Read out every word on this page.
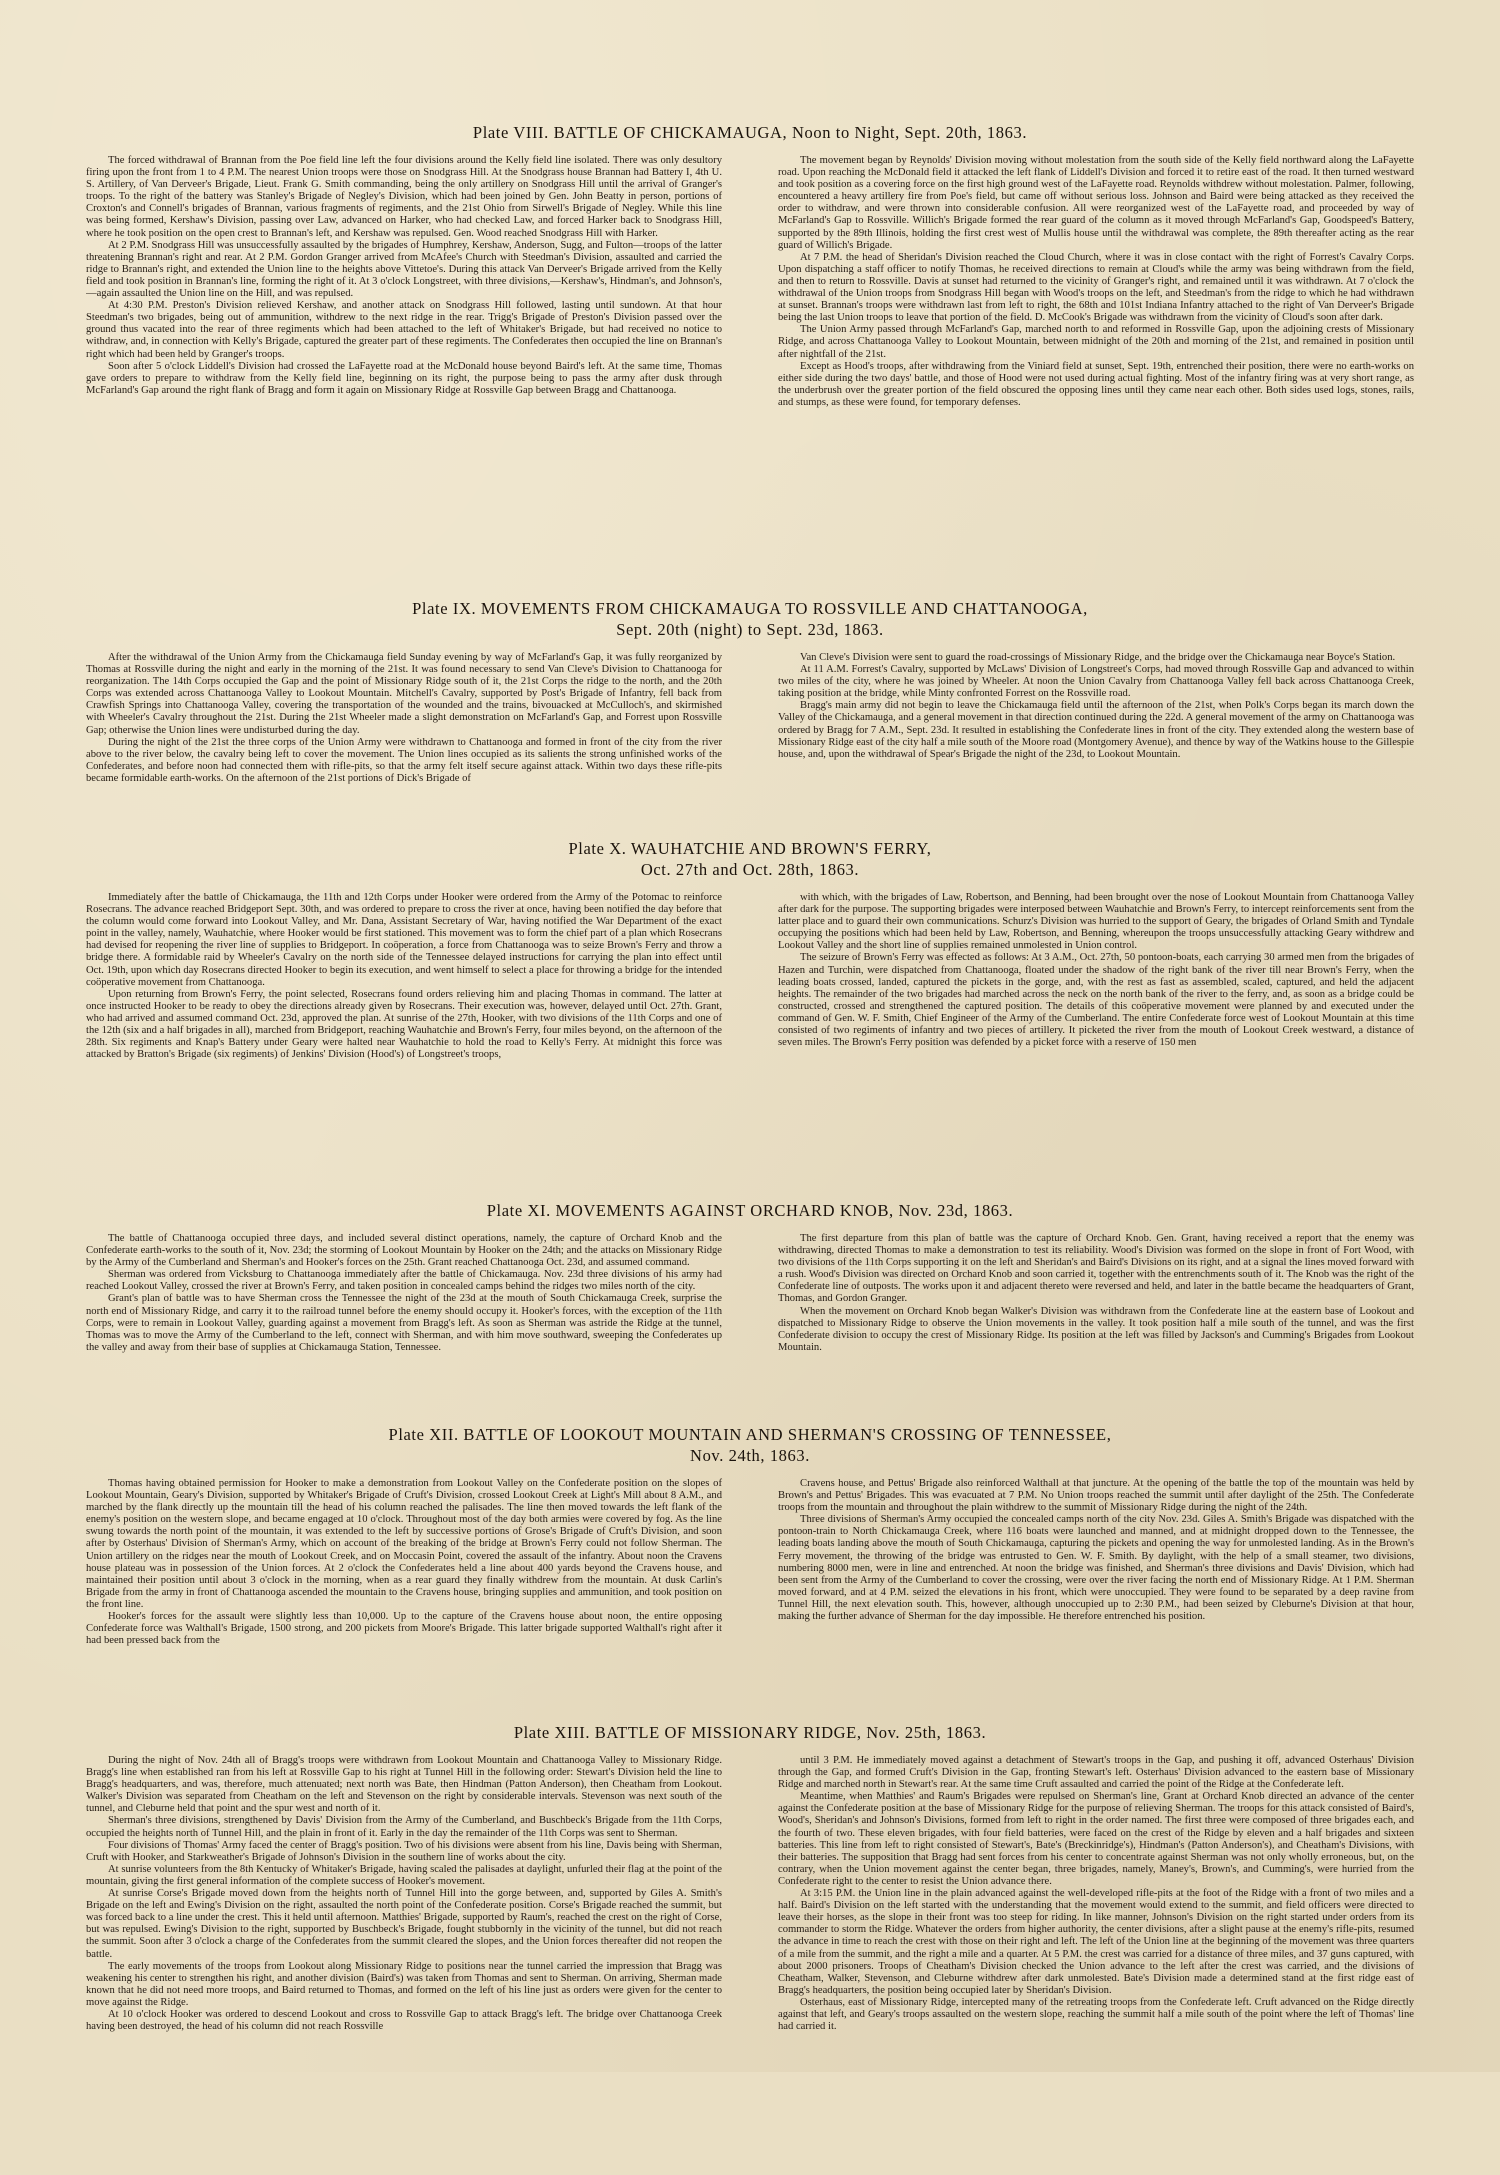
Plate VIII. BATTLE OF CHICKAMAUGA, Noon to Night, Sept. 20th, 1863.

The forced withdrawal of Brannan from the Poe field line left the four divisions around the Kelly field line isolated. There was only desultory firing upon the front from 1 to 4 P.M. The nearest Union troops were those on Snodgrass Hill. At the Snodgrass house Brannan had Battery I, 4th U. S. Artillery, of Van Derveer's Brigade, Lieut. Frank G. Smith commanding, being the only artillery on Snodgrass Hill until the arrival of Granger's troops. To the right of the battery was Stanley's Brigade of Negley's Division, which had been joined by Gen. John Beatty in person, portions of Croxton's and Connell's brigades of Brannan, various fragments of regiments, and the 21st Ohio from Sirwell's Brigade of Negley. While this line was being formed, Kershaw's Division, passing over Law, advanced on Harker, who had checked Law, and forced Harker back to Snodgrass Hill, where he took position on the open crest to Brannan's left, and Kershaw was repulsed. Gen. Wood reached Snodgrass Hill with Harker.

At 2 P.M. Snodgrass Hill was unsuccessfully assaulted by the brigades of Humphrey, Kershaw, Anderson, Sugg, and Fulton—troops of the latter threatening Brannan's right and rear. At 2 P.M. Gordon Granger arrived from McAfee's Church with Steedman's Division, assaulted and carried the ridge to Brannan's right, and extended the Union line to the heights above Vittetoe's. During this attack Van Derveer's Brigade arrived from the Kelly field and took position in Brannan's line, forming the right of it. At 3 o'clock Longstreet, with three divisions,—Kershaw's, Hindman's, and Johnson's,—again assaulted the Union line on the Hill, and was repulsed.

At 4:30 P.M. Preston's Division relieved Kershaw, and another attack on Snodgrass Hill followed, lasting until sundown. At that hour Steedman's two brigades, being out of ammunition, withdrew to the next ridge in the rear. Trigg's Brigade of Preston's Division passed over the ground thus vacated into the rear of three regiments which had been attached to the left of Whitaker's Brigade, but had received no notice to withdraw, and, in connection with Kelly's Brigade, captured the greater part of these regiments. The Confederates then occupied the line on Brannan's right which had been held by Granger's troops.

Soon after 5 o'clock Liddell's Division had crossed the LaFayette road at the McDonald house beyond Baird's left. At the same time, Thomas gave orders to prepare to withdraw from the Kelly field line, beginning on its right, the purpose being to pass the army after dusk through McFarland's Gap around the right flank of Bragg and form it again on Missionary Ridge at Rossville Gap between Bragg and Chattanooga.

The movement began by Reynolds' Division moving without molestation from the south side of the Kelly field northward along the LaFayette road. Upon reaching the McDonald field it attacked the left flank of Liddell's Division and forced it to retire east of the road. It then turned westward and took position as a covering force on the first high ground west of the LaFayette road. Reynolds withdrew without molestation. Palmer, following, encountered a heavy artillery fire from Poe's field, but came off without serious loss. Johnson and Baird were being attacked as they received the order to withdraw, and were thrown into considerable confusion. All were reorganized west of the LaFayette road, and proceeded by way of McFarland's Gap to Rossville. Willich's Brigade formed the rear guard of the column as it moved through McFarland's Gap, Goodspeed's Battery, supported by the 89th Illinois, holding the first crest west of Mullis house until the withdrawal was complete, the 89th thereafter acting as the rear guard of Willich's Brigade.

At 7 P.M. the head of Sheridan's Division reached the Cloud Church, where it was in close contact with the right of Forrest's Cavalry Corps. Upon dispatching a staff officer to notify Thomas, he received directions to remain at Cloud's while the army was being withdrawn from the field, and then to return to Rossville. Davis at sunset had returned to the vicinity of Granger's right, and remained until it was withdrawn. At 7 o'clock the withdrawal of the Union troops from Snodgrass Hill began with Wood's troops on the left, and Steedman's from the ridge to which he had withdrawn at sunset. Brannan's troops were withdrawn last from left to right, the 68th and 101st Indiana Infantry attached to the right of Van Derveer's Brigade being the last Union troops to leave that portion of the field. D. McCook's Brigade was withdrawn from the vicinity of Cloud's soon after dark.

The Union Army passed through McFarland's Gap, marched north to and reformed in Rossville Gap, upon the adjoining crests of Missionary Ridge, and across Chattanooga Valley to Lookout Mountain, between midnight of the 20th and morning of the 21st, and remained in position until after nightfall of the 21st.

Except as Hood's troops, after withdrawing from the Viniard field at sunset, Sept. 19th, entrenched their position, there were no earth-works on either side during the two days' battle, and those of Hood were not used during actual fighting. Most of the infantry firing was at very short range, as the underbrush over the greater portion of the field obscured the opposing lines until they came near each other. Both sides used logs, stones, rails, and stumps, as these were found, for temporary defenses.

Plate IX. MOVEMENTS FROM CHICKAMAUGA TO ROSSVILLE AND CHATTANOOGA,
Sept. 20th (night) to Sept. 23d, 1863.

After the withdrawal of the Union Army from the Chickamauga field Sunday evening by way of McFarland's Gap, it was fully reorganized by Thomas at Rossville during the night and early in the morning of the 21st. It was found necessary to send Van Cleve's Division to Chattanooga for reorganization. The 14th Corps occupied the Gap and the point of Missionary Ridge south of it, the 21st Corps the ridge to the north, and the 20th Corps was extended across Chattanooga Valley to Lookout Mountain. Mitchell's Cavalry, supported by Post's Brigade of Infantry, fell back from Crawfish Springs into Chattanooga Valley, covering the transportation of the wounded and the trains, bivouacked at McCulloch's, and skirmished with Wheeler's Cavalry throughout the 21st. During the 21st Wheeler made a slight demonstration on McFarland's Gap, and Forrest upon Rossville Gap; otherwise the Union lines were undisturbed during the day.

During the night of the 21st the three corps of the Union Army were withdrawn to Chattanooga and formed in front of the city from the river above to the river below, the cavalry being left to cover the movement. The Union lines occupied as its salients the strong unfinished works of the Confederates, and before noon had connected them with rifle-pits, so that the army felt itself secure against attack. Within two days these rifle-pits became formidable earth-works. On the afternoon of the 21st portions of Dick's Brigade of

Van Cleve's Division were sent to guard the road-crossings of Missionary Ridge, and the bridge over the Chickamauga near Boyce's Station.

At 11 A.M. Forrest's Cavalry, supported by McLaws' Division of Longstreet's Corps, had moved through Rossville Gap and advanced to within two miles of the city, where he was joined by Wheeler. At noon the Union Cavalry from Chattanooga Valley fell back across Chattanooga Creek, taking position at the bridge, while Minty confronted Forrest on the Rossville road.

Bragg's main army did not begin to leave the Chickamauga field until the afternoon of the 21st, when Polk's Corps began its march down the Valley of the Chickamauga, and a general movement in that direction continued during the 22d. A general movement of the army on Chattanooga was ordered by Bragg for 7 A.M., Sept. 23d. It resulted in establishing the Confederate lines in front of the city. They extended along the western base of Missionary Ridge east of the city half a mile south of the Moore road (Montgomery Avenue), and thence by way of the Watkins house to the Gillespie house, and, upon the withdrawal of Spear's Brigade the night of the 23d, to Lookout Mountain.

Plate X. WAUHATCHIE AND BROWN'S FERRY,
Oct. 27th and Oct. 28th, 1863.

Immediately after the battle of Chickamauga, the 11th and 12th Corps under Hooker were ordered from the Army of the Potomac to reinforce Rosecrans. The advance reached Bridgeport Sept. 30th, and was ordered to prepare to cross the river at once, having been notified the day before that the column would come forward into Lookout Valley, and Mr. Dana, Assistant Secretary of War, having notified the War Department of the exact point in the valley, namely, Wauhatchie, where Hooker would be first stationed. This movement was to form the chief part of a plan which Rosecrans had devised for reopening the river line of supplies to Bridgeport. In coöperation, a force from Chattanooga was to seize Brown's Ferry and throw a bridge there. A formidable raid by Wheeler's Cavalry on the north side of the Tennessee delayed instructions for carrying the plan into effect until Oct. 19th, upon which day Rosecrans directed Hooker to begin its execution, and went himself to select a place for throwing a bridge for the intended coöperative movement from Chattanooga.

Upon returning from Brown's Ferry, the point selected, Rosecrans found orders relieving him and placing Thomas in command. The latter at once instructed Hooker to be ready to obey the directions already given by Rosecrans. Their execution was, however, delayed until Oct. 27th. Grant, who had arrived and assumed command Oct. 23d, approved the plan. At sunrise of the 27th, Hooker, with two divisions of the 11th Corps and one of the 12th (six and a half brigades in all), marched from Bridgeport, reaching Wauhatchie and Brown's Ferry, four miles beyond, on the afternoon of the 28th. Six regiments and Knap's Battery under Geary were halted near Wauhatchie to hold the road to Kelly's Ferry. At midnight this force was attacked by Bratton's Brigade (six regiments) of Jenkins' Division (Hood's) of Longstreet's troops,

with which, with the brigades of Law, Robertson, and Benning, had been brought over the nose of Lookout Mountain from Chattanooga Valley after dark for the purpose. The supporting brigades were interposed between Wauhatchie and Brown's Ferry, to intercept reinforcements sent from the latter place and to guard their own communications. Schurz's Division was hurried to the support of Geary, the brigades of Orland Smith and Tyndale occupying the positions which had been held by Law, Robertson, and Benning, whereupon the troops unsuccessfully attacking Geary withdrew and Lookout Valley and the short line of supplies remained unmolested in Union control.

The seizure of Brown's Ferry was effected as follows: At 3 A.M., Oct. 27th, 50 pontoon-boats, each carrying 30 armed men from the brigades of Hazen and Turchin, were dispatched from Chattanooga, floated under the shadow of the right bank of the river till near Brown's Ferry, when the leading boats crossed, landed, captured the pickets in the gorge, and, with the rest as fast as assembled, scaled, captured, and held the adjacent heights. The remainder of the two brigades had marched across the neck on the north bank of the river to the ferry, and, as soon as a bridge could be constructed, crossed and strengthened the captured position. The details of this coöperative movement were planned by and executed under the command of Gen. W. F. Smith, Chief Engineer of the Army of the Cumberland. The entire Confederate force west of Lookout Mountain at this time consisted of two regiments of infantry and two pieces of artillery. It picketed the river from the mouth of Lookout Creek westward, a distance of seven miles. The Brown's Ferry position was defended by a picket force with a reserve of 150 men

Plate XI. MOVEMENTS AGAINST ORCHARD KNOB, Nov. 23d, 1863.

The battle of Chattanooga occupied three days, and included several distinct operations, namely, the capture of Orchard Knob and the Confederate earth-works to the south of it, Nov. 23d; the storming of Lookout Mountain by Hooker on the 24th; and the attacks on Missionary Ridge by the Army of the Cumberland and Sherman's and Hooker's forces on the 25th. Grant reached Chattanooga Oct. 23d, and assumed command.

Sherman was ordered from Vicksburg to Chattanooga immediately after the battle of Chickamauga. Nov. 23d three divisions of his army had reached Lookout Valley, crossed the river at Brown's Ferry, and taken position in concealed camps behind the ridges two miles north of the city.

Grant's plan of battle was to have Sherman cross the Tennessee the night of the 23d at the mouth of South Chickamauga Creek, surprise the north end of Missionary Ridge, and carry it to the railroad tunnel before the enemy should occupy it. Hooker's forces, with the exception of the 11th Corps, were to remain in Lookout Valley, guarding against a movement from Bragg's left. As soon as Sherman was astride the Ridge at the tunnel, Thomas was to move the Army of the Cumberland to the left, connect with Sherman, and with him move southward, sweeping the Confederates up the valley and away from their base of supplies at Chickamauga Station, Tennessee.

The first departure from this plan of battle was the capture of Orchard Knob. Gen. Grant, having received a report that the enemy was withdrawing, directed Thomas to make a demonstration to test its reliability. Wood's Division was formed on the slope in front of Fort Wood, with two divisions of the 11th Corps supporting it on the left and Sheridan's and Baird's Divisions on its right, and at a signal the lines moved forward with a rush. Wood's Division was directed on Orchard Knob and soon carried it, together with the entrenchments south of it. The Knob was the right of the Confederate line of outposts. The works upon it and adjacent thereto were reversed and held, and later in the battle became the headquarters of Grant, Thomas, and Gordon Granger.

When the movement on Orchard Knob began Walker's Division was withdrawn from the Confederate line at the eastern base of Lookout and dispatched to Missionary Ridge to observe the Union movements in the valley. It took position half a mile south of the tunnel, and was the first Confederate division to occupy the crest of Missionary Ridge. Its position at the left was filled by Jackson's and Cumming's Brigades from Lookout Mountain.

Plate XII. BATTLE OF LOOKOUT MOUNTAIN AND SHERMAN'S CROSSING OF TENNESSEE,
Nov. 24th, 1863.

Thomas having obtained permission for Hooker to make a demonstration from Lookout Valley on the Confederate position on the slopes of Lookout Mountain, Geary's Division, supported by Whitaker's Brigade of Cruft's Division, crossed Lookout Creek at Light's Mill about 8 A.M., and marched by the flank directly up the mountain till the head of his column reached the palisades. The line then moved towards the left flank of the enemy's position on the western slope, and became engaged at 10 o'clock. Throughout most of the day both armies were covered by fog. As the line swung towards the north point of the mountain, it was extended to the left by successive portions of Grose's Brigade of Cruft's Division, and soon after by Osterhaus' Division of Sherman's Army, which on account of the breaking of the bridge at Brown's Ferry could not follow Sherman. The Union artillery on the ridges near the mouth of Lookout Creek, and on Moccasin Point, covered the assault of the infantry. About noon the Cravens house plateau was in possession of the Union forces. At 2 o'clock the Confederates held a line about 400 yards beyond the Cravens house, and maintained their position until about 3 o'clock in the morning, when as a rear guard they finally withdrew from the mountain. At dusk Carlin's Brigade from the army in front of Chattanooga ascended the mountain to the Cravens house, bringing supplies and ammunition, and took position on the front line.

Hooker's forces for the assault were slightly less than 10,000. Up to the capture of the Cravens house about noon, the entire opposing Confederate force was Walthall's Brigade, 1500 strong, and 200 pickets from Moore's Brigade. This latter brigade supported Walthall's right after it had been pressed back from the

Cravens house, and Pettus' Brigade also reinforced Walthall at that juncture. At the opening of the battle the top of the mountain was held by Brown's and Pettus' Brigades. This was evacuated at 7 P.M. No Union troops reached the summit until after daylight of the 25th. The Confederate troops from the mountain and throughout the plain withdrew to the summit of Missionary Ridge during the night of the 24th.

Three divisions of Sherman's Army occupied the concealed camps north of the city Nov. 23d. Giles A. Smith's Brigade was dispatched with the pontoon-train to North Chickamauga Creek, where 116 boats were launched and manned, and at midnight dropped down to the Tennessee, the leading boats landing above the mouth of South Chickamauga, capturing the pickets and opening the way for unmolested landing. As in the Brown's Ferry movement, the throwing of the bridge was entrusted to Gen. W. F. Smith. By daylight, with the help of a small steamer, two divisions, numbering 8000 men, were in line and entrenched. At noon the bridge was finished, and Sherman's three divisions and Davis' Division, which had been sent from the Army of the Cumberland to cover the crossing, were over the river facing the north end of Missionary Ridge. At 1 P.M. Sherman moved forward, and at 4 P.M. seized the elevations in his front, which were unoccupied. They were found to be separated by a deep ravine from Tunnel Hill, the next elevation south. This, however, although unoccupied up to 2:30 P.M., had been seized by Cleburne's Division at that hour, making the further advance of Sherman for the day impossible. He therefore entrenched his position.

Plate XIII. BATTLE OF MISSIONARY RIDGE, Nov. 25th, 1863.

During the night of Nov. 24th all of Bragg's troops were withdrawn from Lookout Mountain and Chattanooga Valley to Missionary Ridge. Bragg's line when established ran from his left at Rossville Gap to his right at Tunnel Hill in the following order: Stewart's Division held the line to Bragg's headquarters, and was, therefore, much attenuated; next north was Bate, then Hindman (Patton Anderson), then Cheatham from Lookout. Walker's Division was separated from Cheatham on the left and Stevenson on the right by considerable intervals. Stevenson was next south of the tunnel, and Cleburne held that point and the spur west and north of it.

Sherman's three divisions, strengthened by Davis' Division from the Army of the Cumberland, and Buschbeck's Brigade from the 11th Corps, occupied the heights north of Tunnel Hill, and the plain in front of it. Early in the day the remainder of the 11th Corps was sent to Sherman.

Four divisions of Thomas' Army faced the center of Bragg's position. Two of his divisions were absent from his line, Davis being with Sherman, Cruft with Hooker, and Starkweather's Brigade of Johnson's Division in the southern line of works about the city.

At sunrise volunteers from the 8th Kentucky of Whitaker's Brigade, having scaled the palisades at daylight, unfurled their flag at the point of the mountain, giving the first general information of the complete success of Hooker's movement.

At sunrise Corse's Brigade moved down from the heights north of Tunnel Hill into the gorge between, and, supported by Giles A. Smith's Brigade on the left and Ewing's Division on the right, assaulted the north point of the Confederate position. Corse's Brigade reached the summit, but was forced back to a line under the crest. This it held until afternoon. Matthies' Brigade, supported by Raum's, reached the crest on the right of Corse, but was repulsed. Ewing's Division to the right, supported by Buschbeck's Brigade, fought stubbornly in the vicinity of the tunnel, but did not reach the summit. Soon after 3 o'clock a charge of the Confederates from the summit cleared the slopes, and the Union forces thereafter did not reopen the battle.

The early movements of the troops from Lookout along Missionary Ridge to positions near the tunnel carried the impression that Bragg was weakening his center to strengthen his right, and another division (Baird's) was taken from Thomas and sent to Sherman. On arriving, Sherman made known that he did not need more troops, and Baird returned to Thomas, and formed on the left of his line just as orders were given for the center to move against the Ridge.

At 10 o'clock Hooker was ordered to descend Lookout and cross to Rossville Gap to attack Bragg's left. The bridge over Chattanooga Creek having been destroyed, the head of his column did not reach Rossville

until 3 P.M. He immediately moved against a detachment of Stewart's troops in the Gap, and pushing it off, advanced Osterhaus' Division through the Gap, and formed Cruft's Division in the Gap, fronting Stewart's left. Osterhaus' Division advanced to the eastern base of Missionary Ridge and marched north in Stewart's rear. At the same time Cruft assaulted and carried the point of the Ridge at the Confederate left.

Meantime, when Matthies' and Raum's Brigades were repulsed on Sherman's line, Grant at Orchard Knob directed an advance of the center against the Confederate position at the base of Missionary Ridge for the purpose of relieving Sherman. The troops for this attack consisted of Baird's, Wood's, Sheridan's and Johnson's Divisions, formed from left to right in the order named. The first three were composed of three brigades each, and the fourth of two. These eleven brigades, with four field batteries, were faced on the crest of the Ridge by eleven and a half brigades and sixteen batteries. This line from left to right consisted of Stewart's, Bate's (Breckinridge's), Hindman's (Patton Anderson's), and Cheatham's Divisions, with their batteries. The supposition that Bragg had sent forces from his center to concentrate against Sherman was not only wholly erroneous, but, on the contrary, when the Union movement against the center began, three brigades, namely, Maney's, Brown's, and Cumming's, were hurried from the Confederate right to the center to resist the Union advance there.

At 3:15 P.M. the Union line in the plain advanced against the well-developed rifle-pits at the foot of the Ridge with a front of two miles and a half. Baird's Division on the left started with the understanding that the movement would extend to the summit, and field officers were directed to leave their horses, as the slope in their front was too steep for riding. In like manner, Johnson's Division on the right started under orders from its commander to storm the Ridge. Whatever the orders from higher authority, the center divisions, after a slight pause at the enemy's rifle-pits, resumed the advance in time to reach the crest with those on their right and left. The left of the Union line at the beginning of the movement was three quarters of a mile from the summit, and the right a mile and a quarter. At 5 P.M. the crest was carried for a distance of three miles, and 37 guns captured, with about 2000 prisoners. Troops of Cheatham's Division checked the Union advance to the left after the crest was carried, and the divisions of Cheatham, Walker, Stevenson, and Cleburne withdrew after dark unmolested. Bate's Division made a determined stand at the first ridge east of Bragg's headquarters, the position being occupied later by Sheridan's Division.

Osterhaus, east of Missionary Ridge, intercepted many of the retreating troops from the Confederate left. Cruft advanced on the Ridge directly against that left, and Geary's troops assaulted on the western slope, reaching the summit half a mile south of the point where the left of Thomas' line had carried it.
